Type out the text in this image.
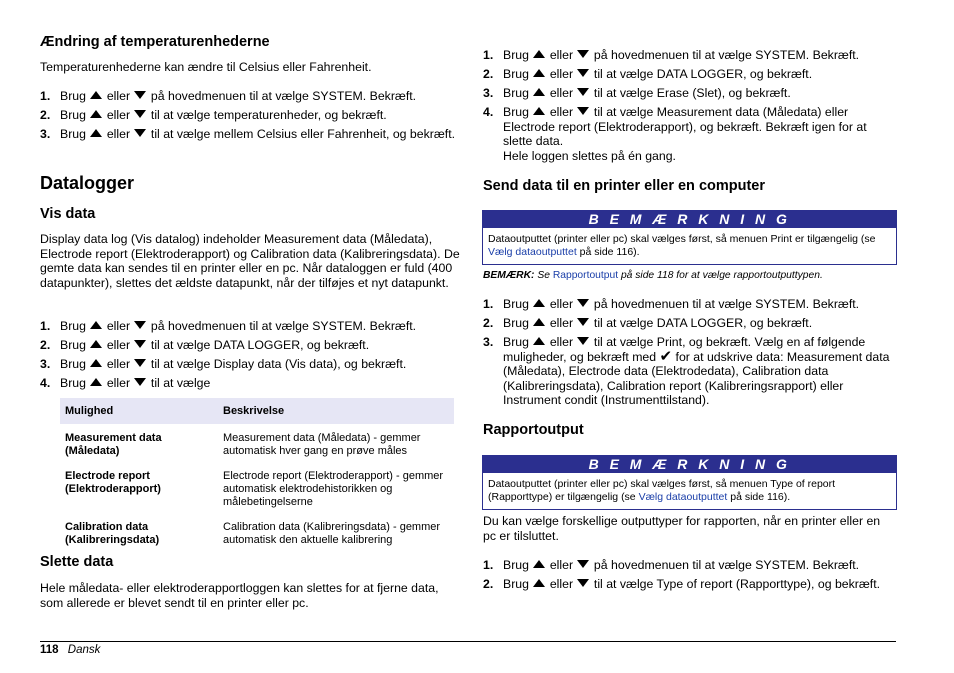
Ændring af temperaturenhederne

Temperaturenhederne kan ændre til Celsius eller Fahrenheit.

1. Brug  eller  på hovedmenuen til at vælge SYSTEM. Bekræft.
2. Brug  eller  til at vælge temperaturenheder, og bekræft.
3. Brug  eller  til at vælge mellem Celsius eller Fahrenheit, og bekræft.
Datalogger
Vis data

Display data log (Vis datalog) indeholder Measurement data (Måledata), Electrode report (Elektroderapport) og Calibration data (Kalibreringsdata). De gemte data kan sendes til en printer eller en pc. Når dataloggen er fuld (400 datapunkter), slettes det ældste datapunkt, når der tilføjes et nyt datapunkt.

1. Brug  eller  på hovedmenuen til at vælge SYSTEM. Bekræft.
2. Brug  eller  til at vælge DATA LOGGER, og bekræft.
3. Brug  eller  til at vælge Display data (Vis data), og bekræft.
4. Brug  eller  til at vælge
Mulighed	Beskrivelse
Measurement data (Måledata)	Measurement data (Måledata) - gemmer automatisk hver gang en prøve måles
Electrode report (Elektroderapport)	Electrode report (Elektroderapport) - gemmer automatisk elektrodehistorikken og målebetingelserne
Calibration data (Kalibreringsdata)	Calibration data (Kalibreringsdata) - gemmer automatisk den aktuelle kalibrering
Slette data

Hele måledata- eller elektroderapportloggen kan slettes for at fjerne data, som allerede er blevet sendt til en printer eller pc.

1. Brug  eller  på hovedmenuen til at vælge SYSTEM. Bekræft.
2. Brug  eller  til at vælge DATA LOGGER, og bekræft.
3. Brug  eller  til at vælge Erase (Slet), og bekræft.
4. Brug  eller  til at vælge Measurement data (Måledata) eller Electrode report (Elektroderapport), og bekræft. Bekræft igen for at slette data.
Hele loggen slettes på én gang.
Send data til en printer eller en computer
B E M Æ R K N I N G
Dataoutputtet (printer eller pc) skal vælges først, så menuen Print er tilgængelig (se Vælg dataoutputtet på side 116).
BEMÆRK: Se Rapportoutput på side 118 for at vælge rapportoutputtypen.
1. Brug  eller  på hovedmenuen til at vælge SYSTEM. Bekræft.
2. Brug  eller  til at vælge DATA LOGGER, og bekræft.
3. Brug  eller  til at vælge Print, og bekræft. Vælg en af følgende muligheder, og bekræft med ✔ for at udskrive data: Measurement data (Måledata), Electrode data (Elektrodedata), Calibration data (Kalibreringsdata), Calibration report (Kalibreringsrapport) eller Instrument condit (Instrumenttilstand).
Rapportoutput
B E M Æ R K N I N G
Dataoutputtet (printer eller pc) skal vælges først, så menuen Type of report (Rapporttype) er tilgængelig (se Vælg dataoutputtet på side 116).

Du kan vælge forskellige outputtyper for rapporten, når en printer eller en pc er tilsluttet.

1. Brug  eller  på hovedmenuen til at vælge SYSTEM. Bekræft.
2. Brug  eller  til at vælge Type of report (Rapporttype), og bekræft.
118 Dansk
